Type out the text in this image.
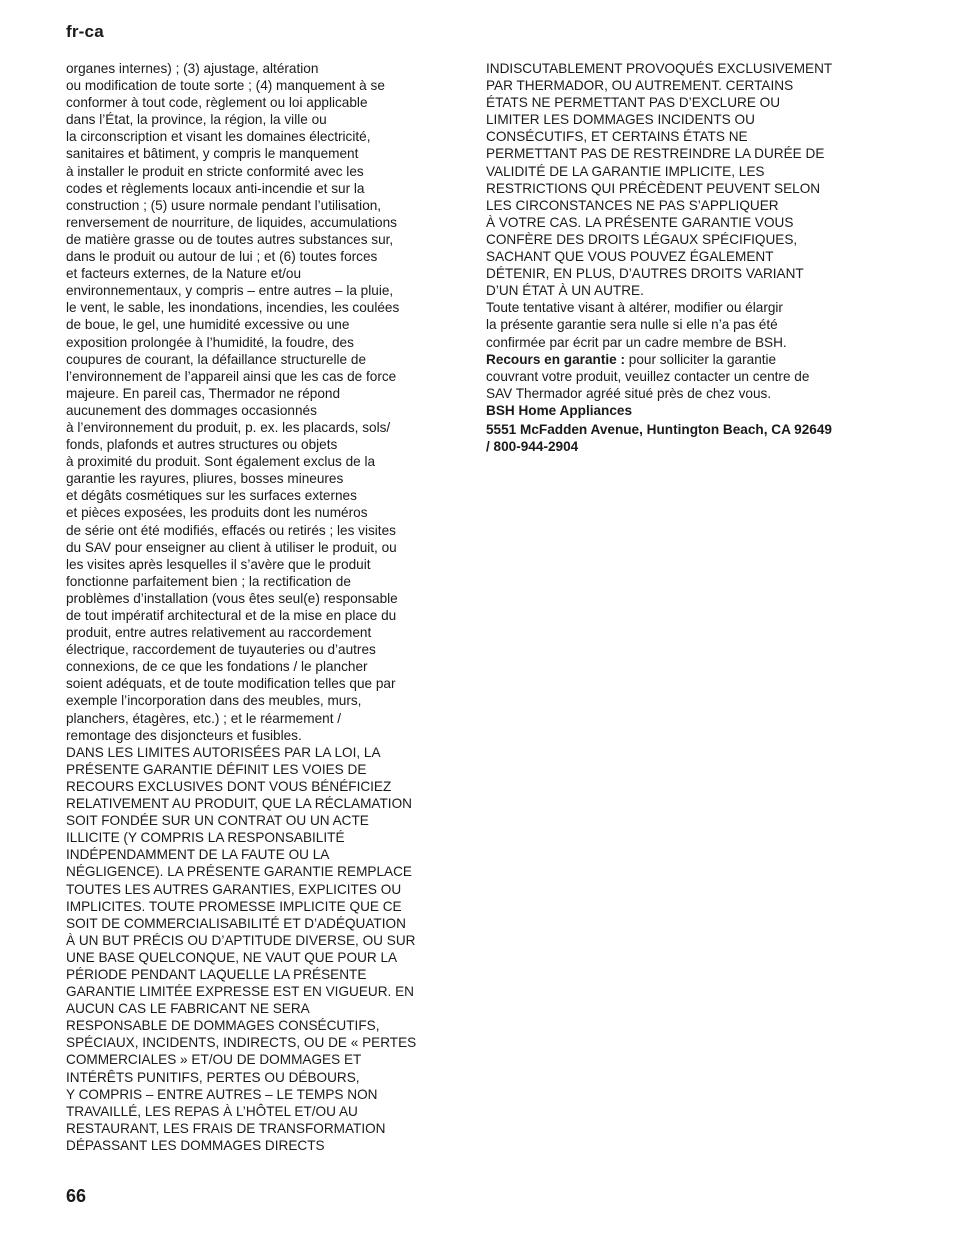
fr-ca
organes internes) ; (3) ajustage, altération
ou modification de toute sorte ; (4) manquement à se
conformer à tout code, règlement ou loi applicable
dans l’État, la province, la région, la ville ou
la circonscription et visant les domaines électricité,
sanitaires et bâtiment, y compris le manquement
à installer le produit en stricte conformité avec les
codes et règlements locaux anti-incendie et sur la
construction ; (5) usure normale pendant l’utilisation,
renversement de nourriture, de liquides, accumulations
de matière grasse ou de toutes autres substances sur,
dans le produit ou autour de lui ; et (6) toutes forces
et facteurs externes, de la Nature et/ou
environnementaux, y compris – entre autres – la pluie,
le vent, le sable, les inondations, incendies, les coulées
de boue, le gel, une humidité excessive ou une
exposition prolongée à l’humidité, la foudre, des
coupures de courant, la défaillance structurelle de
l’environnement de l’appareil ainsi que les cas de force
majeure. En pareil cas, Thermador ne répond
aucunement des dommages occasionnés
à l’environnement du produit, p. ex. les placards, sols/
fonds, plafonds et autres structures ou objets
à proximité du produit. Sont également exclus de la
garantie les rayures, pliures, bosses mineures
et dégâts cosmétiques sur les surfaces externes
et pièces exposées, les produits dont les numéros
de série ont été modifiés, effacés ou retirés ; les visites
du SAV pour enseigner au client à utiliser le produit, ou
les visites après lesquelles il s’avère que le produit
fonctionne parfaitement bien ; la rectification de
problèmes d’installation (vous êtes seul(e) responsable
de tout impératif architectural et de la mise en place du
produit, entre autres relativement au raccordement
électrique, raccordement de tuyauteries ou d’autres
connexions, de ce que les fondations / le plancher
soient adéquats, et de toute modification telles que par
exemple l’incorporation dans des meubles, murs,
planchers, étagères, etc.) ; et le réarmement /
remontage des disjoncteurs et fusibles.
DANS LES LIMITES AUTORISÉES PAR LA LOI, LA
PRÉSENTE GARANTIE DÉFINIT LES VOIES DE
RECOURS EXCLUSIVES DONT VOUS BÉNÉFICIEZ
RELATIVEMENT AU PRODUIT, QUE LA RÉCLAMATION
SOIT FONDÉE SUR UN CONTRAT OU UN ACTE
ILLICITE (Y COMPRIS LA RESPONSABILITÉ
INDÉPENDAMMENT DE LA FAUTE OU LA
NÉGLIGENCE). LA PRÉSENTE GARANTIE REMPLACE
TOUTES LES AUTRES GARANTIES, EXPLICITES OU
IMPLICITES. TOUTE PROMESSE IMPLICITE QUE CE
SOIT DE COMMERCIALISABILITÉ ET D’ADÉQUATION
À UN BUT PRÉCIS OU D’APTITUDE DIVERSE, OU SUR
UNE BASE QUELCONQUE, NE VAUT QUE POUR LA
PÉRIODE PENDANT LAQUELLE LA PRÉSENTE
GARANTIE LIMITÉE EXPRESSE EST EN VIGUEUR. EN
AUCUN CAS LE FABRICANT NE SERA
RESPONSABLE DE DOMMAGES CONSÉCUTIFS,
SPÉCIAUX, INCIDENTS, INDIRECTS, OU DE « PERTES
COMMERCIALES » ET/OU DE DOMMAGES ET
INTÉRÊTS PUNITIFS, PERTES OU DÉBOURS,
Y COMPRIS – ENTRE AUTRES – LE TEMPS NON
TRAVAILLÉ, LES REPAS À L’HÔTEL ET/OU AU
RESTAURANT, LES FRAIS DE TRANSFORMATION
DÉPASSANT LES DOMMAGES DIRECTS
INDISCUTABLEMENT PROVOQUÉS EXCLUSIVEMENT
PAR THERMADOR, OU AUTREMENT. CERTAINS
ÉTATS NE PERMETTANT PAS D’EXCLURE OU
LIMITER LES DOMMAGES INCIDENTS OU
CONSÉCUTIFS, ET CERTAINS ÉTATS NE
PERMETTANT PAS DE RESTREINDRE LA DURÉE DE
VALIDITÉ DE LA GARANTIE IMPLICITE, LES
RESTRICTIONS QUI PRÉCÈDENT PEUVENT SELON
LES CIRCONSTANCES NE PAS S’APPLIQUER
À VOTRE CAS. LA PRÉSENTE GARANTIE VOUS
CONFÈRE DES DROITS LÉGAUX SPÉCIFIQUES,
SACHANT QUE VOUS POUVEZ ÉGALEMENT
DÉTENIR, EN PLUS, D’AUTRES DROITS VARIANT
D’UN ÉTAT À UN AUTRE.
Toute tentative visant à altérer, modifier ou élargir
la présente garantie sera nulle si elle n’a pas été
confirmée par écrit par un cadre membre de BSH.
Recours en garantie : pour solliciter la garantie
couvrant votre produit, veuillez contacter un centre de
SAV Thermador agréé situé près de chez vous.
BSH Home Appliances
5551 McFadden Avenue, Huntington Beach, CA 92649
/ 800-944-2904
66
